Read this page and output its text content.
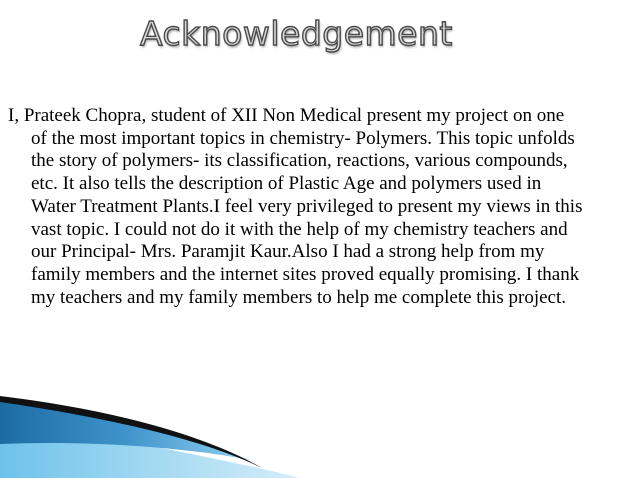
Acknowledgement

I, Prateek Chopra, student of XII Non Medical present my project on one of the most important topics in chemistry- Polymers. This topic unfolds the story of polymers- its classification, reactions, various compounds, etc. It also tells the description of Plastic Age and polymers used in Water Treatment Plants.I feel very privileged to present my views in this vast topic. I could not do it with the help of my chemistry teachers and our Principal- Mrs. Paramjit Kaur.Also I had a strong help from my family members and the internet sites proved equally promising. I thank my teachers and my family members to help me complete this project.
